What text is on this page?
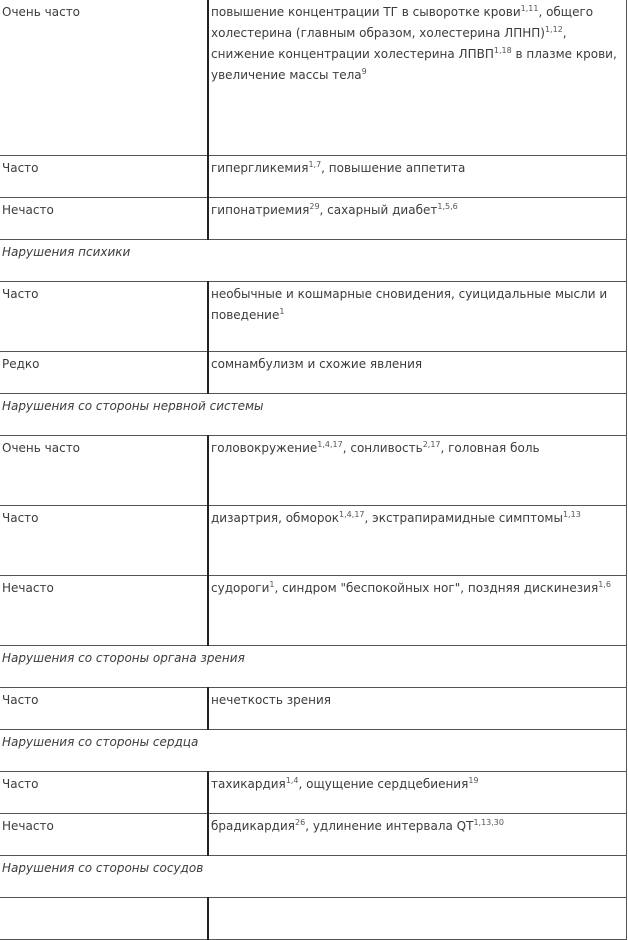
Очень часто	повышение концентрации ТГ в сыворотке крови$^{1,11}$, общего холестерина (главным образом, холестерина ЛПНП)$^{1,12}$, снижение концентрации холестерина ЛПВП$^{1,18}$ в плазме крови, увеличение массы тела$^9$
Часто	гипергликемия$^{1,7}$, повышение аппетита
Нечасто	гипонатриемия$^{29}$, сахарный диабет$^{1,5,6}$
Нарушения психики	
Часто	необычные и кошмарные сновидения, суицидальные мысли и поведение$^1$
Редко	сомнамбулизм и схожие явления
Нарушения со стороны нервной системы	
Очень часто	головокружение$^{1,4,17}$, сонливость$^{2,17}$, головная боль
Часто	дизартрия, обморок$^{1,4,17}$, экстрапирамидные симптомы$^{1,13}$
Нечасто	судороги$^1$, синдром "беспокойных ног", поздняя дискинезия$^{1,6}$
Нарушения со стороны органа зрения	
Часто	нечеткость зрения
Нарушения со стороны сердца	
Часто	тахикардия$^{1,4}$, ощущение сердцебиения$^{19}$
Нечасто	брадикардия$^{26}$, удлинение интервала QT$^{1,13,30}$
Нарушения со стороны сосудов	
